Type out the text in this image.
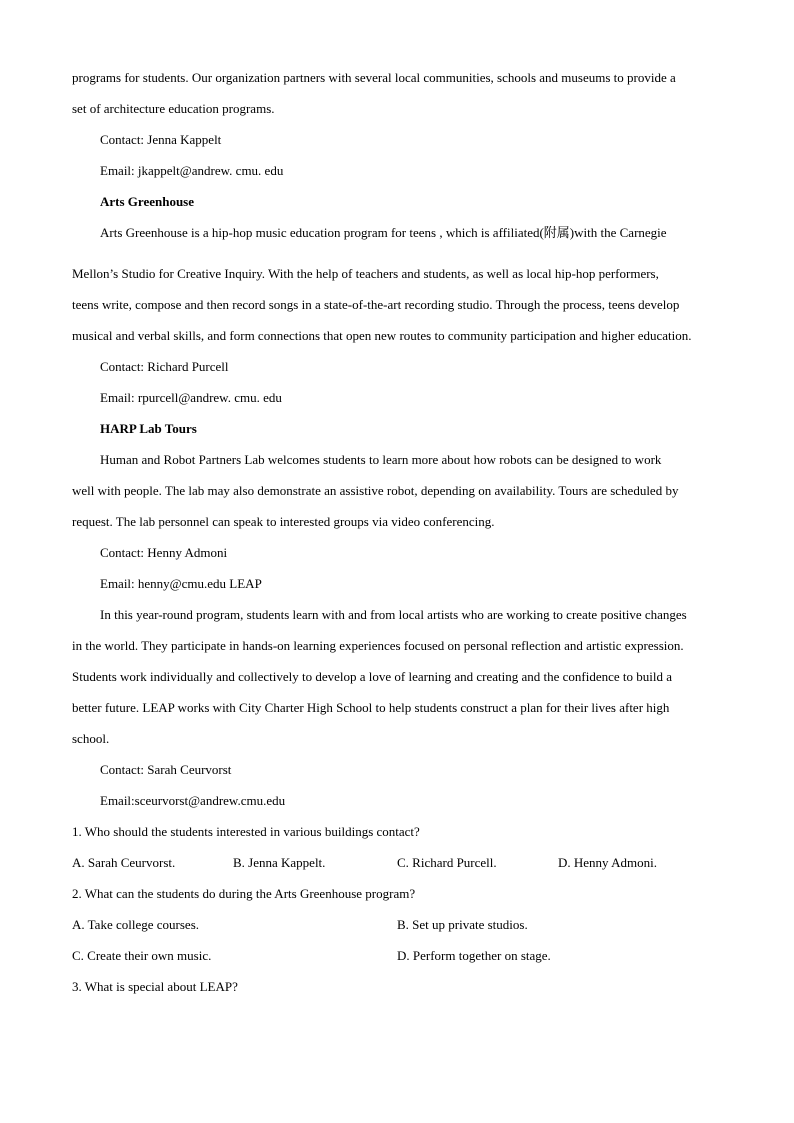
programs for students. Our organization partners with several local communities, schools and museums to provide a
set of architecture education programs.

Contact: Jenna Kappelt

Email: jkappelt@andrew. cmu. edu

Arts Greenhouse

Arts Greenhouse is a hip-hop music education program for teens , which is affiliated(附属)with the Carnegie

Mellon’s Studio for Creative Inquiry. With the help of teachers and students, as well as local hip-hop performers,
teens write, compose and then record songs in a state-of-the-art recording studio. Through the process, teens develop
musical and verbal skills, and form connections that open new routes to community participation and higher education.

Contact: Richard Purcell

Email: rpurcell@andrew. cmu. edu

HARP Lab Tours

Human and Robot Partners Lab welcomes students to learn more about how robots can be designed to work
well with people. The lab may also demonstrate an assistive robot, depending on availability. Tours are scheduled by
request. The lab personnel can speak to interested groups via video conferencing.

Contact: Henny Admoni

Email: henny@cmu.edu LEAP

In this year-round program, students learn with and from local artists who are working to create positive changes
in the world. They participate in hands-on learning experiences focused on personal reflection and artistic expression.
Students work individually and collectively to develop a love of learning and creating and the confidence to build a
better future. LEAP works with City Charter High School to help students construct a plan for their lives after high
school.

Contact: Sarah Ceurvorst

Email:sceurvorst@andrew.cmu.edu

1. Who should the students interested in various buildings contact?

A. Sarah Ceurvorst.	B. Jenna Kappelt.	C. Richard Purcell.	D. Henny Admoni.

2. What can the students do during the Arts Greenhouse program?

A. Take college courses.	B. Set up private studios.
C. Create their own music.	D. Perform together on stage.

3. What is special about LEAP?
